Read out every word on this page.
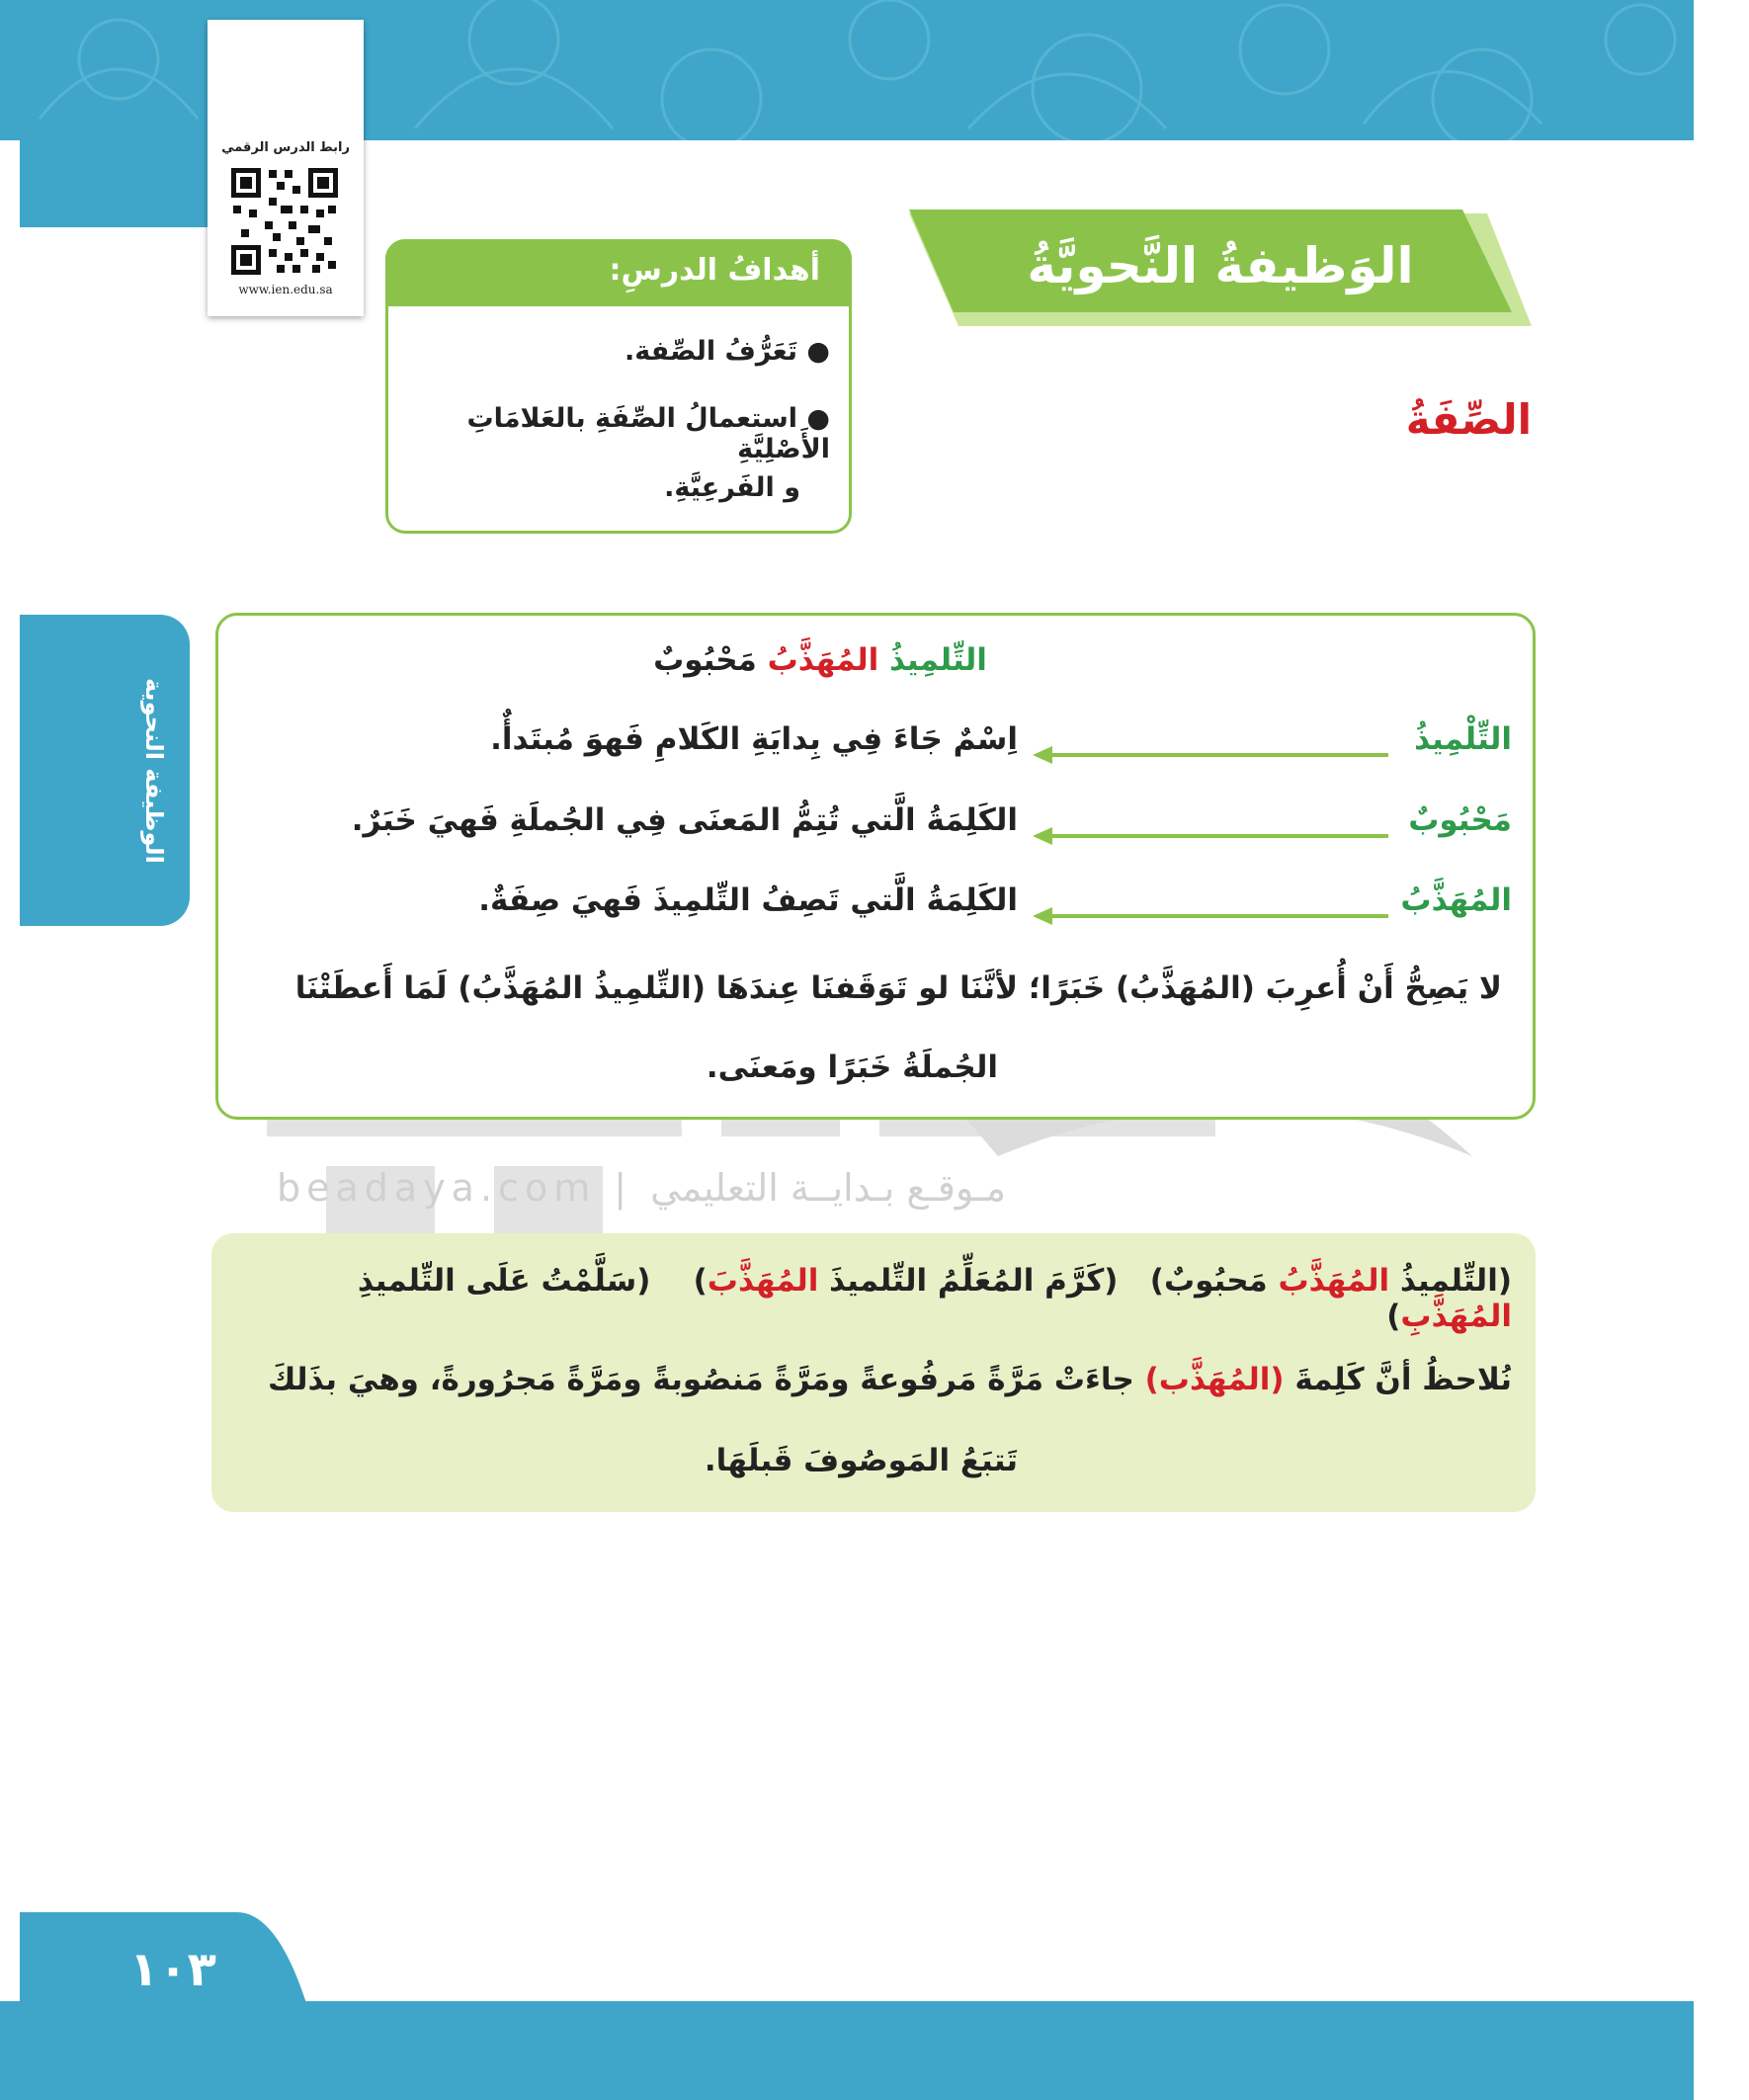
رابط الدرس الرقمي
www.ien.edu.sa	الوَظيفةُ النَّحويَّةُ
أهدافُ الدرسِ:
● تَعَرُّفُ الصِّفة.
● استعمالُ الصِّفَةِ بالعَلامَاتِ الأَصْلِيَّةِ
و الفَرعِيَّةِ.
الصِّفَةُ
الوظيفة النحوية
beadaya.com | مـوقـع بـدايــة التعليمي
التِّلمِيذُ المُهَذَّبُ مَحْبُوبٌ
التِّلْمِيذُ
اِسْمٌ جَاءَ فِي بِدايَةِ الكَلامِ فَهوَ مُبتَدأٌ.
مَحْبُوبٌ
الكَلِمَةُ الَّتي تُتِمُّ المَعنَى فِي الجُملَةِ فَهيَ خَبَرٌ.
المُهَذَّبُ
الكَلِمَةُ الَّتي تَصِفُ التِّلمِيذَ فَهيَ صِفَةٌ.
لا يَصِحُّ أَنْ أُعرِبَ (المُهَذَّبُ) خَبَرًا؛ لأنَّنَا لو تَوَقَفنَا عِندَهَا (التِّلمِيذُ المُهَذَّبُ) لَمَا أَعطَتْنَا
الجُملَةُ خَبَرًا ومَعنَى.
(التِّلميذُ المُهَذَّبُ مَحبُوبٌ)   (كَرَّمَ المُعَلِّمُ التِّلميذَ المُهَذَّبَ)    (سَلَّمْتُ عَلَى التِّلميذِ المُهَذَّبِ)
نُلاحظُ أنَّ كَلِمةَ (المُهَذَّب) جاءَتْ مَرَّةً مَرفُوعةً ومَرَّةً مَنصُوبةً ومَرَّةً مَجرُورةً، وهيَ بذَلكَ
تَتبَعُ المَوصُوفَ قَبلَهَا.
١٠٣
